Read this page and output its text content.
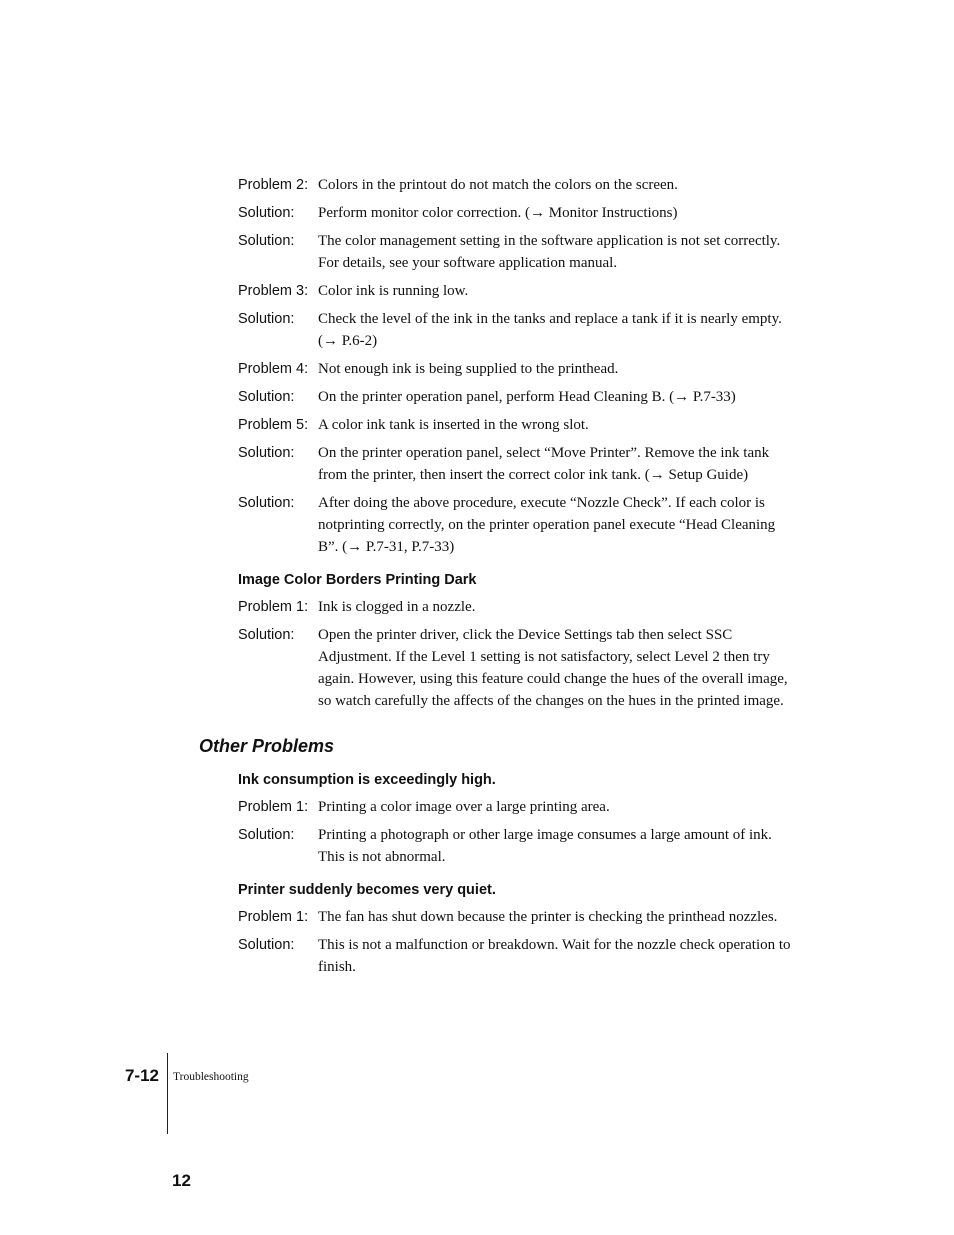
Problem 2: Colors in the printout do not match the colors on the screen.
Solution:	Perform monitor color correction. (→ Monitor Instructions)
Solution:	The color management setting in the software application is not set correctly. For details, see your software application manual.
Problem 3: Color ink is running low.
Solution:	Check the level of the ink in the tanks and replace a tank if it is nearly empty. (→ P.6-2)
Problem 4: Not enough ink is being supplied to the printhead.
Solution:	On the printer operation panel, perform Head Cleaning B. (→ P.7-33)
Problem 5: A color ink tank is inserted in the wrong slot.
Solution:	On the printer operation panel, select “Move Printer”. Remove the ink tank from the printer, then insert the correct color ink tank. (→ Setup Guide)
Solution:	After doing the above procedure, execute “Nozzle Check”. If each color is notprinting correctly, on the printer operation panel execute “Head Cleaning B”. (→ P.7-31, P.7-33)
Image Color Borders Printing Dark
Problem 1: Ink is clogged in a nozzle.
Solution:	Open the printer driver, click the Device Settings tab then select SSC Adjustment. If the Level 1 setting is not satisfactory, select Level 2 then try again. However, using this feature could change the hues of the overall image, so watch carefully the affects of the changes on the hues in the printed image.
Other Problems
Ink consumption is exceedingly high.
Problem 1: Printing a color image over a large printing area.
Solution:	Printing a photograph or other large image consumes a large amount of ink. This is not abnormal.
Printer suddenly becomes very quiet.
Problem 1: The fan has shut down because the printer is checking the printhead nozzles.
Solution:	This is not a malfunction or breakdown. Wait for the nozzle check operation to finish.
7-12 Troubleshooting
12
